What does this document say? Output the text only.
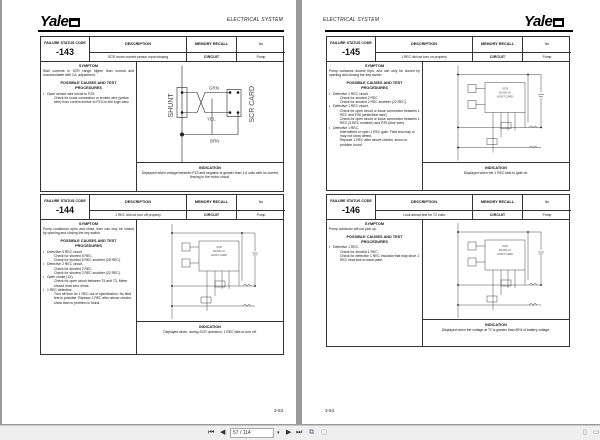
Yale	ELECTRICAL SYSTEM
3-53
FAILURE STATUS CODE
-143
DESCRIPTION	MEMORY RECALL	No
SCR motor current sensor input missing	CIRCUIT	Pump
SYMPTOM
Stall currents in SCR range higher than normal and uncontrollable with C/L adjustment.
POSSIBLE CAUSES AND TEST PROCEDURES
• Open sensor wire circuit to PZ3.
Check for loose connection or broken wire (yellow wire) from current sensor to PZ3 on the logic card.	SHUNT	SCR CARD
GRN
YEL
BRN
INDICATION
Displayed when voltage between PZ3 and negative is greater than 1.6 volts with no current flowing in the motor circuit.
FAILURE STATUS CODE
-144
DESCRIPTION	MEMORY RECALL	No
1 REC did not turn off properly	CIRCUIT	Pump
SYMPTOM
Pump contactors open and close, then can only be closed by opening and closing the key switch.
POSSIBLE CAUSES AND TEST PROCEDURES
• Defective 5 REC circuit.
Check for shorted 5 REC.
Check for shorted 5 REC snubber (25 REC).
• Defective 2 REC circuit.
Check for shorted 2 REC.
Check for shorted 2 REC snubber (22 REC).
• Open choke (1X).
Check for open circuit between T5 and T3. Meter should read zero ohms.
• 1 REC defective.
Turn off time for 1 REC out of specification. No field test is possible. Replace 1 REC after above checks show that no problem is found.
SCR
EV100-LX
HOIST CARD
INDICATION
Displayed when, during SCR operation, 1 REC fails to turn off.
ELECTRICAL SYSTEM	Yale
3-54
FAILURE STATUS CODE
-145
DESCRIPTION	MEMORY RECALL	No
1 REC did not turn on properly	CIRCUIT	Pump
SYMPTOM
Pump contactor double trips, and can only be closed by opening and closing the key switch.
POSSIBLE CAUSES AND TEST PROCEDURES
• Defective 2 REC circuit.
Check for shorted 2 REC.
Check for shorted 2 REC snubber (22 REC).
• Defective 1 REC circuit.
Check for open circuit or loose connection between 1 REC and PZ8 (white/blue wire).
Check for open circuit or loose connection between 1 REC (3 REC snubber) and PZ9 (blue wire).
• Defective 1 REC.
Intermittent or open 1 REC gate. Field test may or may not show defect.
Replace 1 REC after above checks, show no problem found.
SCR
EV100-LX
HOIST CARD
INDICATION
Displayed when the 1 REC fails to gate on.
FAILURE STATUS CODE
-146
DESCRIPTION	MEMORY RECALL	No
Look ahead test for T2 volts	CIRCUIT	Pump
SYMPTOM
Pump contactor will not pick up.
POSSIBLE CAUSES AND TEST PROCEDURES
• Defective 1 REC.
Check for shorted 1 REC.
Check for defective 1 REC insulator that may short 1 REC heat sink to base plate.
SCR
EV100-LX
HOIST CARD
INDICATION
Displayed when the voltage at T2 is greater than 85% of battery voltage.
⏮ ◀	57 / 114	▾ ▶ ⏭ ⧉ ▢	▯ ▭
